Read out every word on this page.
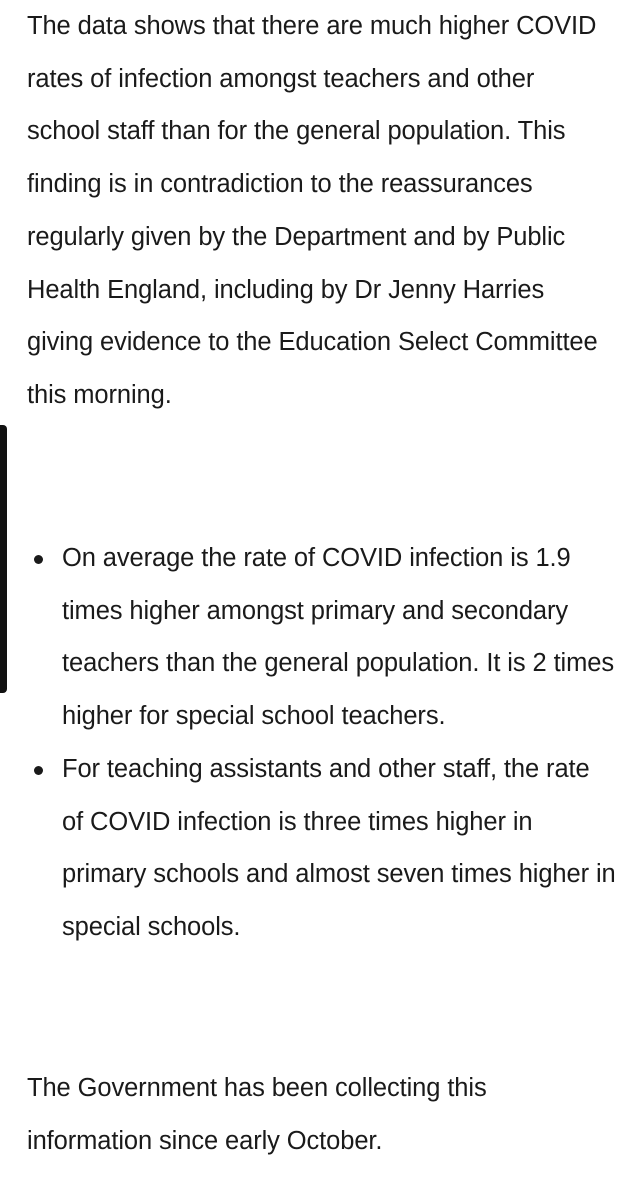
The data shows that there are much higher COVID rates of infection amongst teachers and other school staff than for the general population. This finding is in contradiction to the reassurances regularly given by the Department and by Public Health England, including by Dr Jenny Harries giving evidence to the Education Select Committee this morning.

On average the rate of COVID infection is 1.9 times higher amongst primary and secondary teachers than the general population. It is 2 times higher for special school teachers.
For teaching assistants and other staff, the rate of COVID infection is three times higher in primary schools and almost seven times higher in special schools.

The Government has been collecting this information since early October.
